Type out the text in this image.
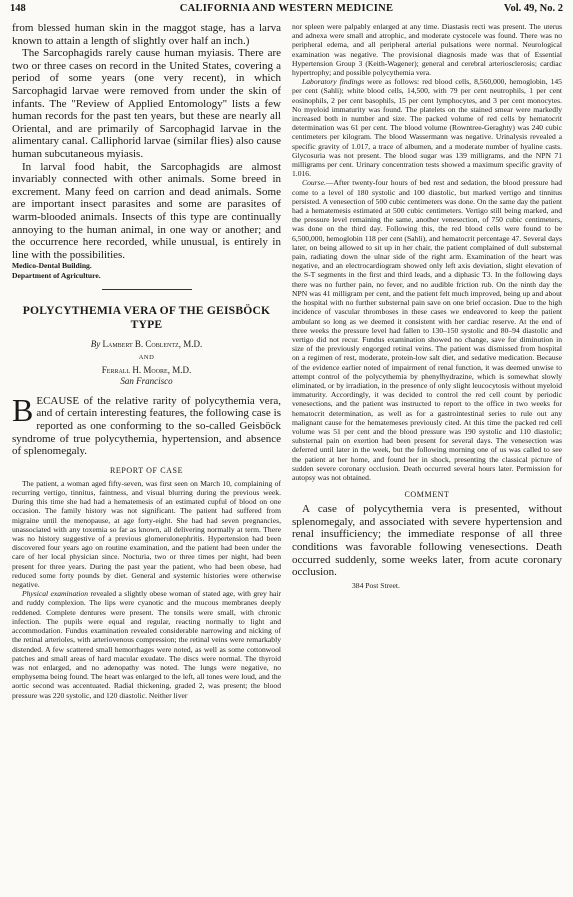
148	CALIFORNIA AND WESTERN MEDICINE	Vol. 49, No. 2

from blessed human skin in the maggot stage, has a larva known to attain a length of slightly over half an inch.)

The Sarcophagids rarely cause human myiasis. There are two or three cases on record in the United States, covering a period of some years (one very recent), in which Sarcophagid larvae were removed from under the skin of infants. The "Review of Applied Entomology" lists a few human records for the past ten years, but these are nearly all Oriental, and are primarily of Sarcophagid larvae in the alimentary canal. Calliphorid larvae (similar flies) also cause human subcutaneous myiasis.

In larval food habit, the Sarcophagids are almost invariably connected with other animals. Some breed in excrement. Many feed on carrion and dead animals. Some are important insect parasites and some are parasites of warm-blooded animals. Insects of this type are continually annoying to the human animal, in one way or another; and the occurrence here recorded, while unusual, is entirely in line with the possibilities.

Medico-Dental Building.
Department of Agriculture.
POLYCYTHEMIA VERA OF THE GEISBÖCK
TYPE
By Lambert B. Coblentz, M.D.
AND
Ferrall H. Moore, M.D.
San Francisco
BECAUSE of the relative rarity of polycythemia vera, and of certain interesting features, the following case is reported as one conforming to the so-called Geisböck syndrome of true polycythemia, hypertension, and absence of splenomegaly.
REPORT OF CASE

The patient, a woman aged fifty-seven, was first seen on March 10, complaining of recurring vertigo, tinnitus, faintness, and visual blurring during the previous week. During this time she had had a hematemesis of an estimated cupful of blood on one occasion. The family history was not significant. The patient had suffered from migraine until the menopause, at age forty-eight. She had had seven pregnancies, unassociated with any toxemia so far as known, all delivering normally at term. There was no history suggestive of a previous glomerulonephritis. Hypertension had been discovered four years ago on routine examination, and the patient had been under the care of her local physician since. Nocturia, two or three times per night, had been present for three years. During the past year the patient, who had been obese, had reduced some forty pounds by diet. General and systemic histories were otherwise negative.

Physical examination revealed a slightly obese woman of stated age, with grey hair and ruddy complexion. The lips were cyanotic and the mucous membranes deeply reddened. Complete dentures were present. The tonsils were small, with chronic infection. The pupils were equal and regular, reacting normally to light and accommodation. Fundus examination revealed considerable narrowing and nicking of the retinal arterioles, with arteriovenous compression; the retinal veins were remarkably distended. A few scattered small hemorrhages were noted, as well as some cottonwool patches and small areas of hard macular exudate. The discs were normal. The thyroid was not enlarged, and no adenopathy was noted. The lungs were negative, no emphysema being found. The heart was enlarged to the left, all tones were loud, and the aortic second was accentuated. Radial thickening, graded 2, was present; the blood pressure was 220 systolic, and 120 diastolic. Neither liver

nor spleen were palpably enlarged at any time. Diastasis recti was present. The uterus and adnexa were small and atrophic, and moderate cystocele was found. There was no peripheral edema, and all peripheral arterial pulsations were normal. Neurological examination was negative. The provisional diagnosis made was that of Essential Hypertension Group 3 (Keith-Wagener); general and cerebral arteriosclerosis; cardiac hypertrophy; and possible polycythemia vera.

Laboratory findings were as follows: red blood cells, 8,560,000, hemoglobin, 145 per cent (Sahli); white blood cells, 14,500, with 79 per cent neutrophils, 1 per cent eosinophils, 2 per cent basophils, 15 per cent lymphocytes, and 3 per cent monocytes. No myeloid immaturity was found. The platelets on the stained smear were markedly increased both in number and size. The packed volume of red cells by hematocrit determination was 61 per cent. The blood volume (Rowntree-Geraghty) was 240 cubic centimeters per kilogram. The blood Wassermann was negative. Urinalysis revealed a specific gravity of 1.017, a trace of albumen, and a moderate number of hyaline casts. Glycosuria was not present. The blood sugar was 139 milligrams, and the NPN 71 milligrams per cent. Urinary concentration tests showed a maximum specific gravity of 1.016.

Course.—After twenty-four hours of bed rest and sedation, the blood pressure had come to a level of 180 systolic and 100 diastolic, but marked vertigo and tinnitus persisted. A venesection of 500 cubic centimeters was done. On the same day the patient had a hematemesis estimated at 500 cubic centimeters. Vertigo still being marked, and the pressure level remaining the same, another venesection, of 750 cubic centimeters, was done on the third day. Following this, the red blood cells were found to be 6,500,000, hemoglobin 118 per cent (Sahli), and hematocrit percentage 47. Several days later, on being allowed to sit up in her chair, the patient complained of dull substernal pain, radiating down the ulnar side of the right arm. Examination of the heart was negative, and an electrocardiogram showed only left axis deviation, slight elevation of the S-T segments in the first and third leads, and a diphasic T3. In the following days there was no further pain, no fever, and no audible friction rub. On the ninth day the NPN was 41 milligram per cent, and the patient felt much improved, being up and about the hospital with no further substernal pain save on one brief occasion. Due to the high incidence of vascular thromboses in these cases we endeavored to keep the patient ambulant so long as we deemed it consistent with her cardiac reserve. At the end of three weeks the pressure level had fallen to 130–150 systolic and 80–94 diastolic and vertigo did not recur. Fundus examination showed no change, save for diminution in size of the previously engorged retinal veins. The patient was dismissed from hospital on a regimen of rest, moderate, protein-low salt diet, and sedative medication. Because of the evidence earlier noted of impairment of renal function, it was deemed unwise to attempt control of the polycythemia by phenylhydrazine, which is somewhat slowly eliminated, or by irradiation, in the presence of only slight leucocytosis without myeloid immaturity. Accordingly, it was decided to control the red cell count by periodic venesections, and the patient was instructed to report to the office in two weeks for hematocrit determination, as well as for a gastrointestinal series to rule out any malignant cause for the hematemeses previously cited. At this time the packed red cell volume was 51 per cent and the blood pressure was 190 systolic and 110 diastolic; substernal pain on exertion had been present for several days. The venesection was deferred until later in the week, but the following morning one of us was called to see the patient at her home, and found her in shock, presenting the classical picture of sudden severe coronary occlusion. Death occurred several hours later. Permission for autopsy was not obtained.

COMMENT

A case of polycythemia vera is presented, without splenomegaly, and associated with severe hypertension and renal insufficiency; the immediate response of all three conditions was favorable following venesections. Death occurred suddenly, some weeks later, from acute coronary occlusion.

384 Post Street.
